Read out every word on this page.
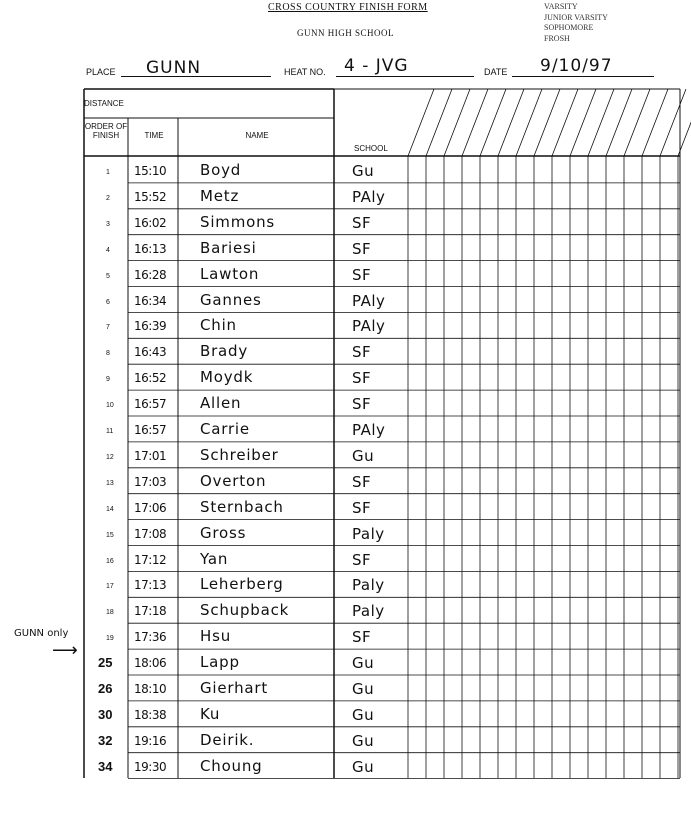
CROSS COUNTRY FINISH FORM
GUNN HIGH SCHOOL
VARSITY
JUNIOR VARSITY
SOPHOMORE
FROSH
PLACE GUNN	HEAT NO. 4 - JVG	DATE 9/10/97
DISTANCE
ORDER OF FINISH	TIME	NAME
SCHOOL
1 15:10 Boyd	Gu
2 15:52 Metz	PAly
3 16:02 Simmons	SF
4 16:13 Bariesi	SF
5 16:28 Lawton	SF
6 16:34 Gannes	PAly
7 16:39 Chin	PAly
8 16:43 Brady	SF
9 16:52 Moydk	SF
10 16:57 Allen	SF
11 16:57 Carrie	PAly
12 17:01 Schreiber	Gu
13 17:03 Overton	SF
14 17:06 Sternbach	SF
15 17:08 Gross	Paly
16 17:12 Yan	SF
17 17:13 Leherberg	Paly
18 17:18 Schupback	Paly
19 17:36 Hsu	SF
25 18:06 Lapp	Gu
26 18:10 Gierhart	Gu
30 18:38 Ku	Gu
32 19:16 Deirik.	Gu
34 19:30 Choung	Gu
GUNN only
⟶
